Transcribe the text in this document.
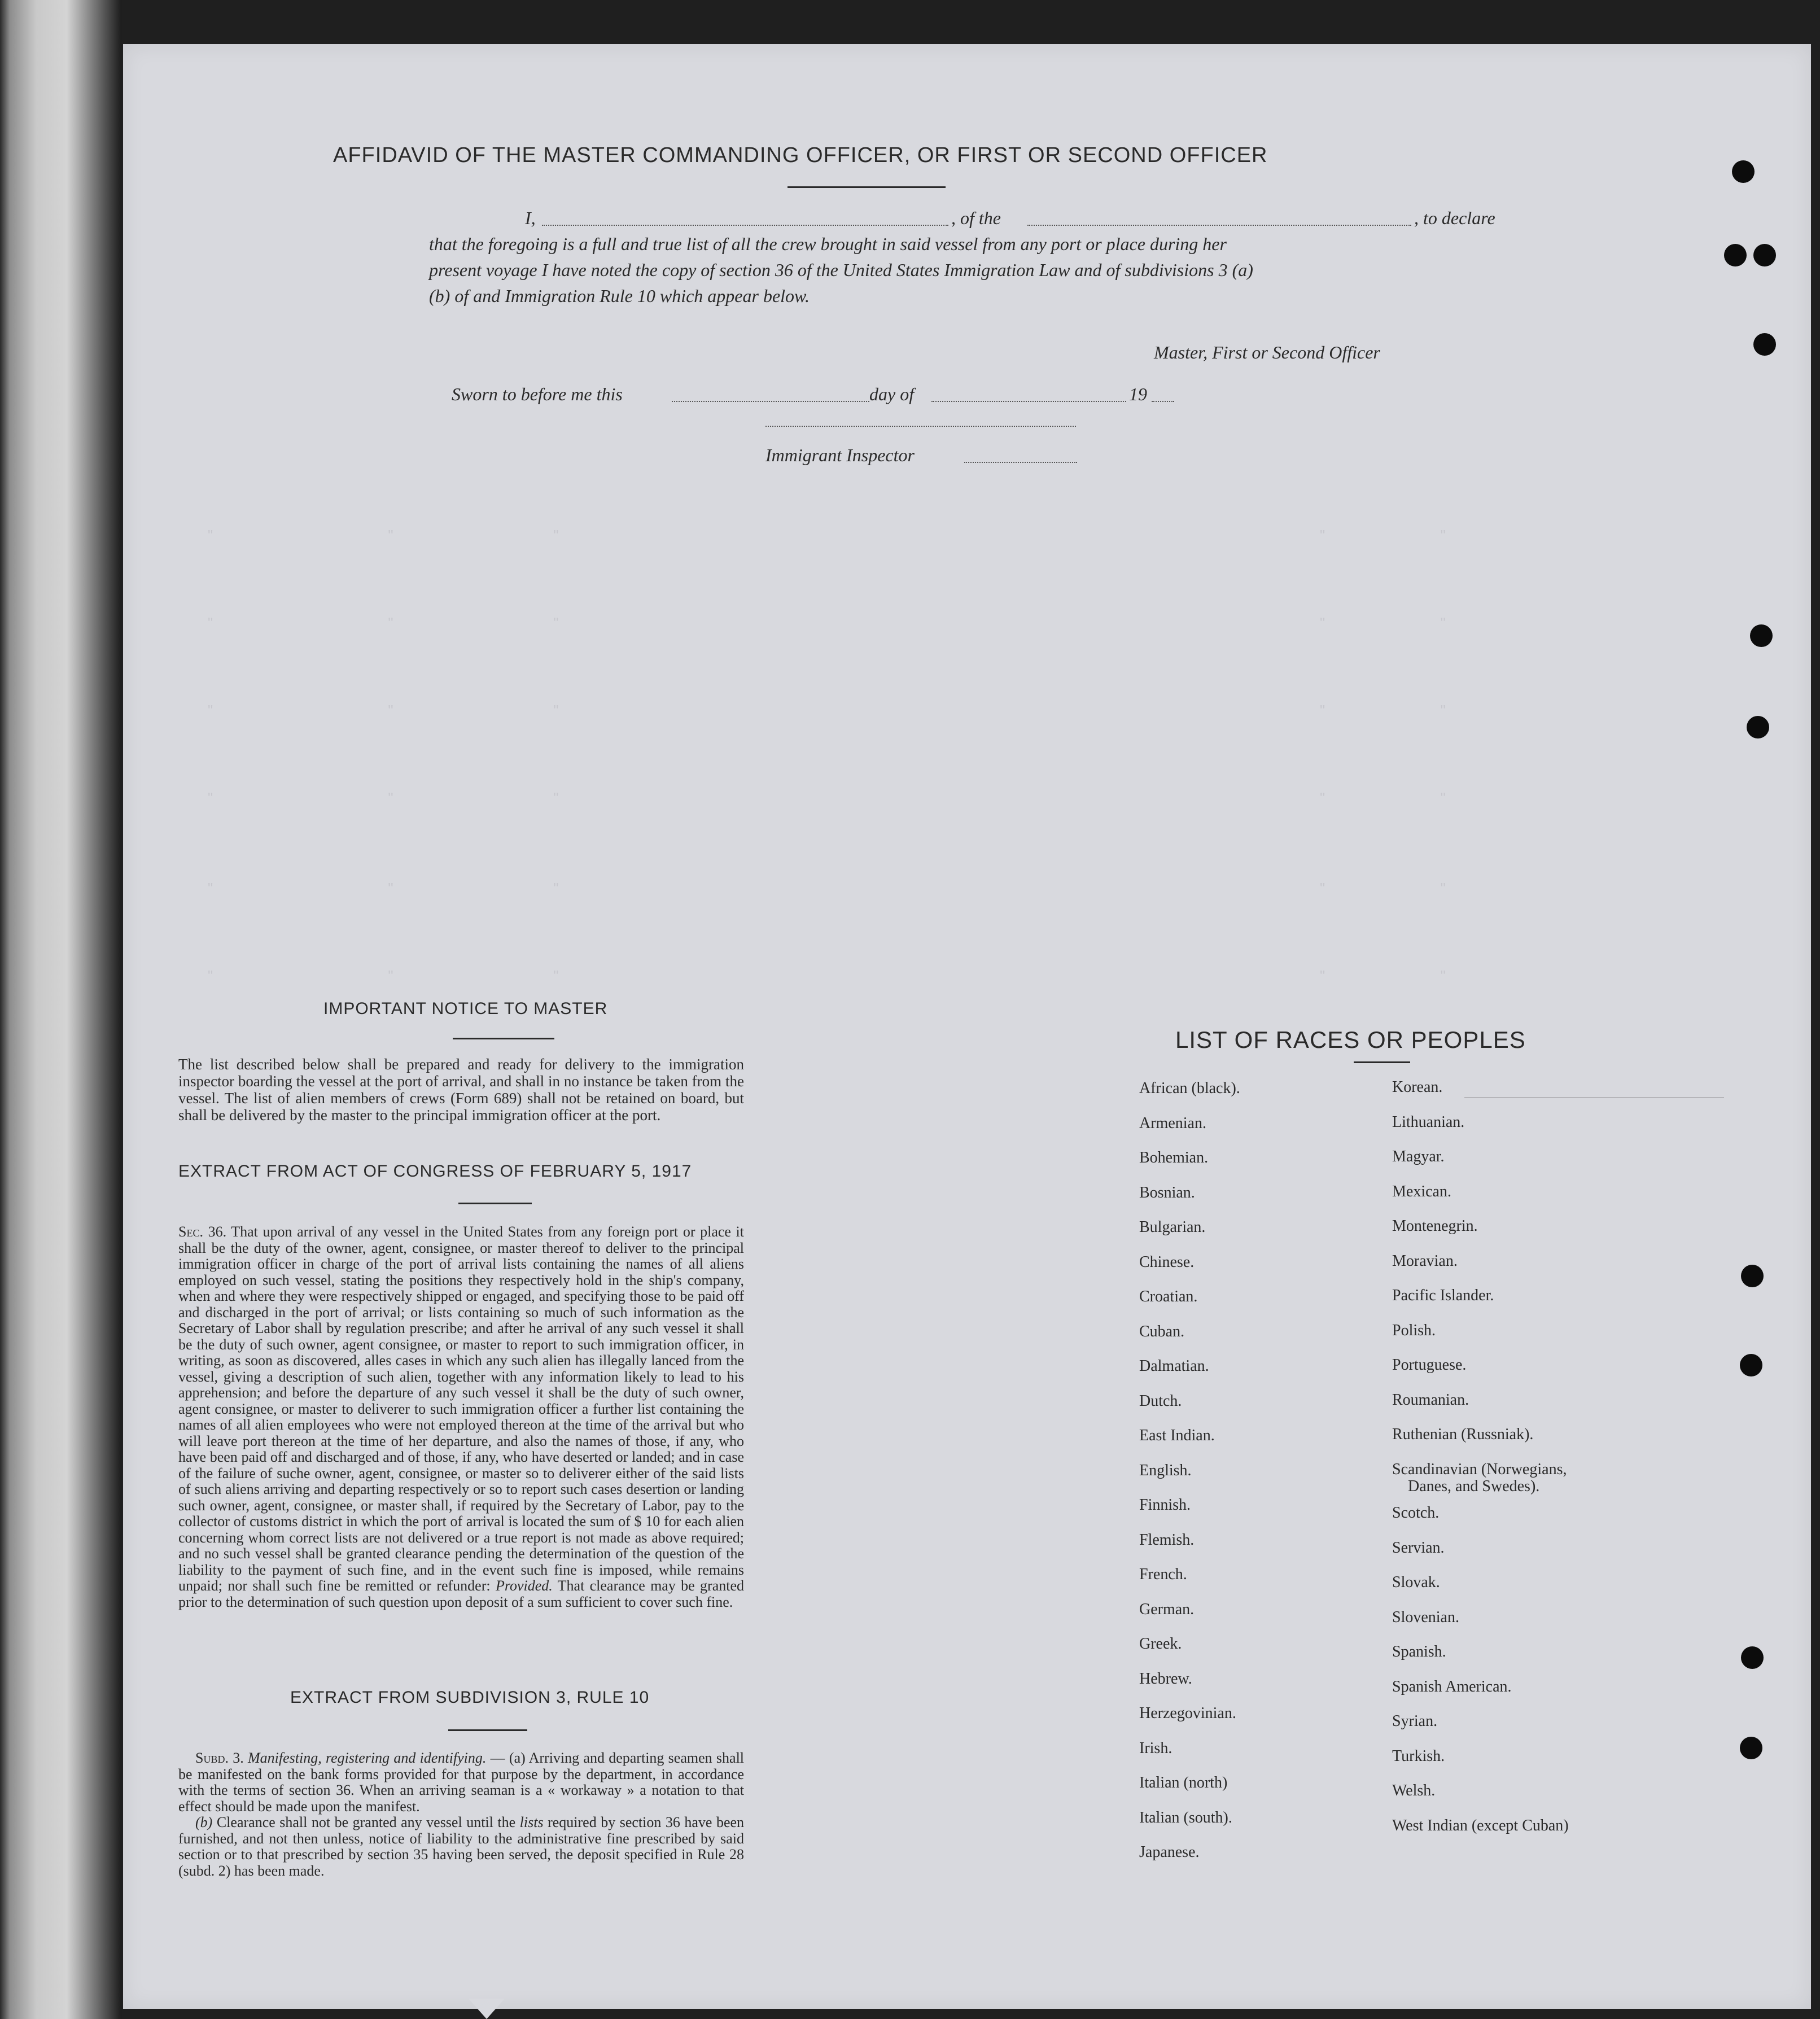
"                       "                     "
"                       "                     "
"                       "                     "
"                       "                     "
"                       "                     "
"                       "                     "
"               "
"               "
"               "
"               "
"               "
"               "
AFFIDAVID OF THE MASTER COMMANDING OFFICER, OR FIRST OR SECOND OFFICER
I,	, of the	, to declare
that the foregoing is a full and true list of all the crew brought in said vessel from any port or place during her
present voyage I have noted the copy of section 36 of the United States Immigration Law and of subdivisions 3 (a)
(b) of and Immigration Rule 10 which appear below.
Master, First or Second Officer
Sworn to before me this	day of	19
Immigrant Inspector
IMPORTANT NOTICE TO MASTER

The list described below shall be prepared and ready for delivery to the immigration inspector boarding the vessel at the port of arrival, and shall in no instance be taken from the vessel. The list of alien members of crews (Form 689) shall not be retained on board, but shall be delivered by the master to the principal immigration officer at the port.

EXTRACT FROM ACT OF CONGRESS OF FEBRUARY 5, 1917

Sec. 36. That upon arrival of any vessel in the United States from any foreign port or place it shall be the duty of the owner, agent, consignee, or master thereof to deliver to the principal immigration officer in charge of the port of arrival lists containing the names of all aliens employed on such vessel, stating the positions they respectively hold in the ship's company, when and where they were respectively shipped or engaged, and specifying those to be paid off and discharged in the port of arrival; or lists containing so much of such information as the Secretary of Labor shall by regulation prescribe; and after he arrival of any such vessel it shall be the duty of such owner, agent consignee, or master to report to such immigration officer, in writing, as soon as discovered, alles cases in which any such alien has illegally lanced from the vessel, giving a description of such alien, together with any information likely to lead to his apprehension; and before the departure of any such vessel it shall be the duty of such owner, agent consignee, or master to deliverer to such immigration officer a further list containing the names of all alien employees who were not employed thereon at the time of the arrival but who will leave port thereon at the time of her departure, and also the names of those, if any, who have been paid off and discharged and of those, if any, who have deserted or landed; and in case of the failure of suche owner, agent, consignee, or master so to deliverer either of the said lists of such aliens arriving and departing respectively or so to report such cases desertion or landing such owner, agent, consignee, or master shall, if required by the Secretary of Labor, pay to the collector of customs district in which the port of arrival is located the sum of $ 10 for each alien concerning whom correct lists are not delivered or a true report is not made as above required; and no such vessel shall be granted clearance pending the determination of the question of the liability to the payment of such fine, and in the event such fine is imposed, while remains unpaid; nor shall such fine be remitted or refunder: Provided. That clearance may be granted prior to the determination of such question upon deposit of a sum sufficient to cover such fine.

EXTRACT FROM SUBDIVISION 3, RULE 10

Subd. 3. Manifesting, registering and identifying. — (a) Arriving and departing seamen shall be manifested on the bank forms provided for that purpose by the department, in accordance with the terms of section 36. When an arriving seaman is a « workaway » a notation to that effect should be made upon the manifest.

(b) Clearance shall not be granted any vessel until the lists required by section 36 have been furnished, and not then unless, notice of liability to the administrative fine prescribed by said section or to that prescribed by section 35 having been served, the deposit specified in Rule 28 (subd. 2) has been made.

LIST OF RACES OR PEOPLES
African (black).
Armenian.
Bohemian.
Bosnian.
Bulgarian.
Chinese.
Croatian.
Cuban.
Dalmatian.
Dutch.
East Indian.
English.
Finnish.
Flemish.
French.
German.
Greek.
Hebrew.
Herzegovinian.
Irish.
Italian (north)
Italian (south).
Japanese.
Korean.
Lithuanian.
Magyar.
Mexican.
Montenegrin.
Moravian.
Pacific Islander.
Polish.
Portuguese.
Roumanian.
Ruthenian (Russniak).
Scandinavian (Norwegians,
Danes, and Swedes).
Scotch.
Servian.
Slovak.
Slovenian.
Spanish.
Spanish American.
Syrian.
Turkish.
Welsh.
West Indian (except Cuban)
